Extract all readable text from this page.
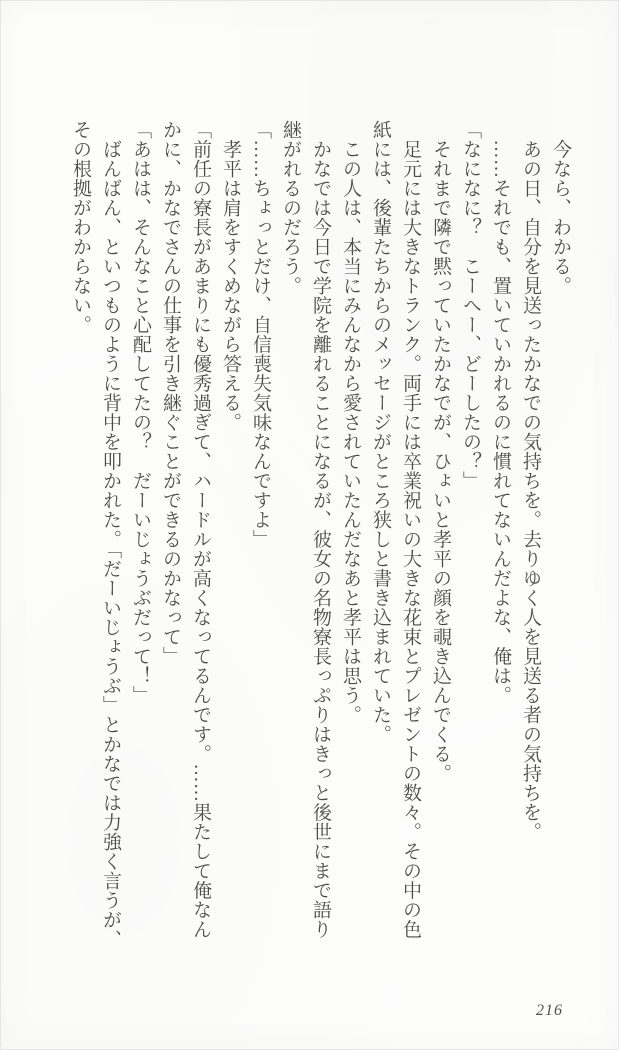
　今なら、わかる。

　あの日、自分を見送ったかなでの気持ちを。去りゆく人を見送る者の気持ちを。

　……それでも、置いていかれるのに慣れてないんだよな、俺は。

「なになに？　こーへー、どーしたの？」

　それまで隣で黙っていたかなでが、ひょいと孝平の顔を覗き込んでくる。

　足元には大きなトランク。両手には卒業祝いの大きな花束とプレゼントの数々。その中の色

紙には、後輩たちからのメッセージがところ狭しと書き込まれていた。

　この人は、本当にみんなから愛されていたんだなあと孝平は思う。

　かなでは今日で学院を離れることになるが、彼女の名物寮長っぷりはきっと後世にまで語り

継がれるのだろう。

「……ちょっとだけ、自信喪失気味なんですよ」

　孝平は肩をすくめながら答える。

「前任の寮長があまりにも優秀過ぎて、ハードルが高くなってるんです。……果たして俺なん

かに、かなでさんの仕事を引き継ぐことができるのかなって」

「あはは、そんなこと心配してたの？　だーいじょうぶだって！」

　ばんばん、といつものように背中を叩かれた。「だーいじょうぶ」とかなでは力強く言うが、

その根拠がわからない。

216
